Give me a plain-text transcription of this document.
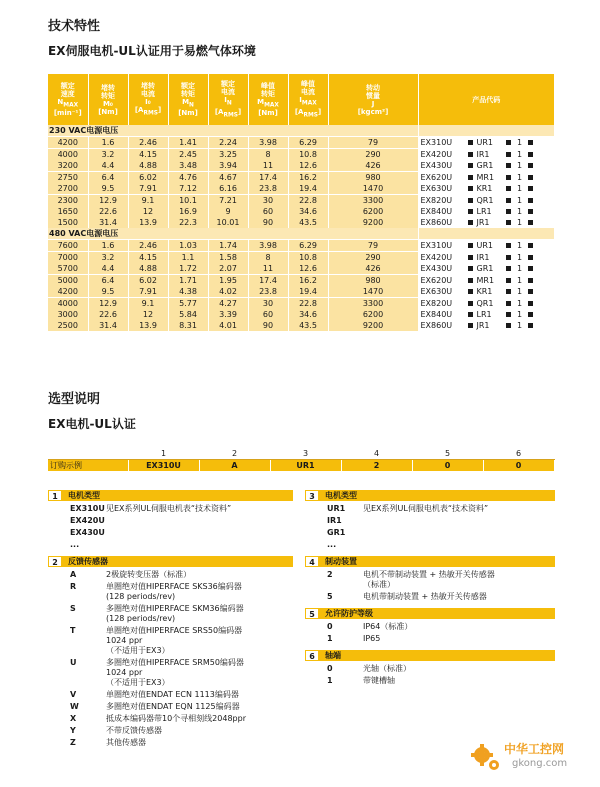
技术特性
EX伺服电机-UL认证用于易燃气体环境
额定
速度
$N_{MAX}$
[min⁻¹]	堵转
转矩
M₀
[Nm]	堵转
电流
I₀
$[A_{RMS}]$	额定
转矩
$M_N$
[Nm]	额定
电流
$I_N$
$[A_{RMS}]$	峰值
转矩
$M_{MAX}$
[Nm]	峰值
电流
$I_{MAX}$
$[A_{RMS}]$	转动
惯量
J
[kgcm²]	产品代码
230 VAC电源电压								
4200	1.6	2.46	1.41	2.24	3.98	6.29	79	EX310U UR1 1

4000	3.2	4.15	2.45	3.25	8	10.8	290	EX420U IR1 1

3200	4.4	4.88	3.48	3.94	11	12.6	426	EX430U GR1 1

2750	6.4	6.02	4.76	4.67	17.4	16.2	980	EX620U MR1 1

2700	9.5	7.91	7.12	6.16	23.8	19.4	1470	EX630U KR1 1

2300	12.9	9.1	10.1	7.21	30	22.8	3300	EX820U QR1 1

1650	22.6	12	16.9	9	60	34.6	6200	EX840U LR1 1

1500	31.4	13.9	22.3	10.01	90	43.5	9200	EX860U JR1 1

480 VAC电源电压								
7600	1.6	2.46	1.03	1.74	3.98	6.29	79	EX310U UR1 1

7000	3.2	4.15	1.1	1.58	8	10.8	290	EX420U IR1 1

5700	4.4	4.88	1.72	2.07	11	12.6	426	EX430U GR1 1

5000	6.4	6.02	1.71	1.95	17.4	16.2	980	EX620U MR1 1

4200	9.5	7.91	4.38	4.02	23.8	19.4	1470	EX630U KR1 1

4000	12.9	9.1	5.77	4.27	30	22.8	3300	EX820U QR1 1

3000	22.6	12	5.84	3.39	60	34.6	6200	EX840U LR1 1

2500	31.4	13.9	8.31	4.01	90	43.5	9200	EX860U JR1 1
选型说明
EX电机-UL认证
	1	2	3	4	5	6
订购示例	EX310U	A	UR1	2	0	0
1	电机类型
EX310U 见EX系列UL伺服电机表“技术资料”
EX420U
EX430U
...
2	反馈传感器
A	2极旋转变压器（标准）
R	单圈绝对值HIPERFACE SKS36编码器
(128 periods/rev)
S	多圈绝对值HIPERFACE SKM36编码器
(128 periods/rev)
T	单圈绝对值HIPERFACE SRS50编码器
1024 ppr
（不适用于EX3）
U	多圈绝对值HIPERFACE SRM50编码器
1024 ppr
（不适用于EX3）
V	单圈绝对值ENDAT ECN 1113编码器
W	多圈绝对值ENDAT EQN 1125编码器
X	抵成本编码器带10个寻相刻线2048ppr
Y	不带反馈传感器
Z	其他传感器
3	电机类型
UR1	见EX系列UL伺服电机表“技术资料”
IR1
GR1
...
4	制动装置
2	电机不带制动装置 + 热敏开关传感器
（标准）
5	电机带制动装置 + 热敏开关传感器
5	允许防护等级
0	IP64（标准）
1	IP65
6	轴端
0	光轴（标准）
1	带键槽轴
中华工控网
gkong.com
